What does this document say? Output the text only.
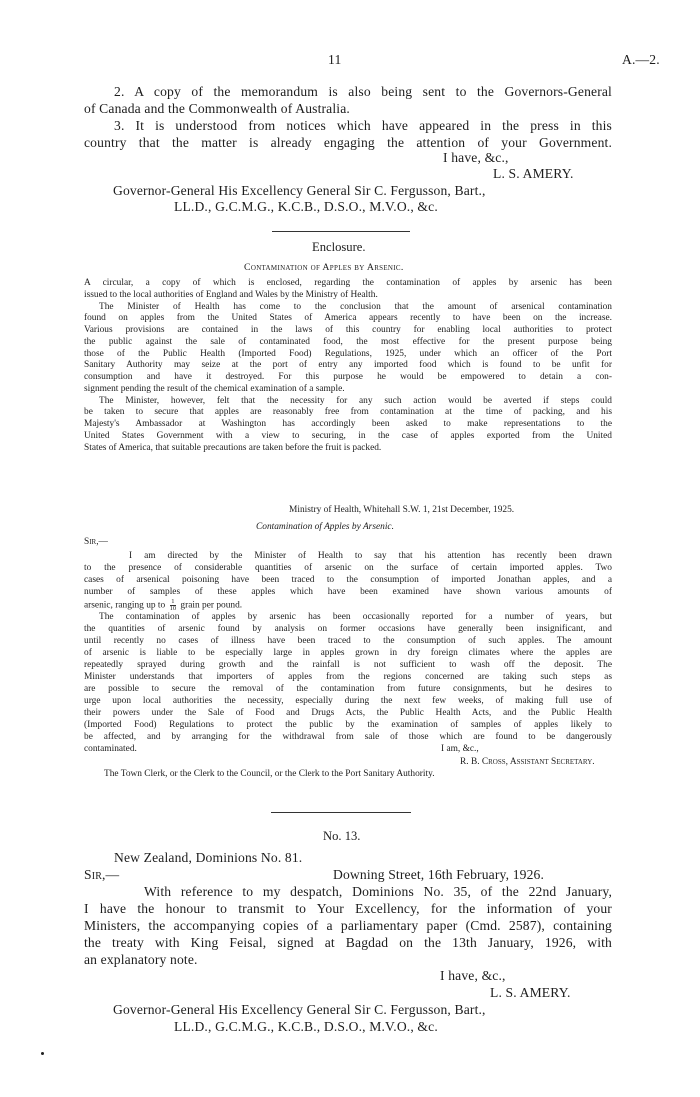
11	A.—2.
2. A copy of the memorandum is also being sent to the Governors-General
of Canada and the Commonwealth of Australia.
3. It is understood from notices which have appeared in the press in this
country that the matter is already engaging the attention of your Government.
I have, &c.,
L. S. AMERY.
Governor-General His Excellency General Sir C. Fergusson, Bart.,
LL.D., G.C.M.G., K.C.B., D.S.O., M.V.O., &c.
Enclosure.
Contamination of Apples by Arsenic.
A circular, a copy of which is enclosed, regarding the contamination of apples by arsenic has been
issued to the local authorities of England and Wales by the Ministry of Health.
The Minister of Health has come to the conclusion that the amount of arsenical contamination
found on apples from the United States of America appears recently to have been on the increase.
Various provisions are contained in the laws of this country for enabling local authorities to protect
the public against the sale of contaminated food, the most effective for the present purpose being
those of the Public Health (Imported Food) Regulations, 1925, under which an officer of the Port
Sanitary Authority may seize at the port of entry any imported food which is found to be unfit for
consumption and have it destroyed. For this purpose he would be empowered to detain a con-
signment pending the result of the chemical examination of a sample.
The Minister, however, felt that the necessity for any such action would be averted if steps could
be taken to secure that apples are reasonably free from contamination at the time of packing, and his
Majesty's Ambassador at Washington has accordingly been asked to make representations to the
United States Government with a view to securing, in the case of apples exported from the United
States of America, that suitable precautions are taken before the fruit is packed.
Ministry of Health, Whitehall S.W. 1, 21st December, 1925.
Contamination of Apples by Arsenic.
Sir,—
I am directed by the Minister of Health to say that his attention has recently been drawn
to the presence of considerable quantities of arsenic on the surface of certain imported apples. Two
cases of arsenical poisoning have been traced to the consumption of imported Jonathan apples, and a
number of samples of these apples which have been examined have shown various amounts of
arsenic, ranging up to $\frac{1}{10}$ grain per pound.
The contamination of apples by arsenic has been occasionally reported for a number of years, but
the quantities of arsenic found by analysis on former occasions have generally been insignificant, and
until recently no cases of illness have been traced to the consumption of such apples. The amount
of arsenic is liable to be especially large in apples grown in dry foreign climates where the apples are
repeatedly sprayed during growth and the rainfall is not sufficient to wash off the deposit. The
Minister understands that importers of apples from the regions concerned are taking such steps as
are possible to secure the removal of the contamination from future consignments, but he desires to
urge upon local authorities the necessity, especially during the next few weeks, of making full use of
their powers under the Sale of Food and Drugs Acts, the Public Health Acts, and the Public Health
(Imported Food) Regulations to protect the public by the examination of samples of apples likely to
be affected, and by arranging for the withdrawal from sale of those which are found to be dangerously
contaminated.	I am, &c.,
R. B. Cross, Assistant Secretary.
The Town Clerk, or the Clerk to the Council, or the Clerk to the Port Sanitary Authority.
No. 13.
New Zealand, Dominions No. 81.
Sir,—	Downing Street, 16th February, 1926.
With reference to my despatch, Dominions No. 35, of the 22nd January,
I have the honour to transmit to Your Excellency, for the information of your
Ministers, the accompanying copies of a parliamentary paper (Cmd. 2587), containing
the treaty with King Feisal, signed at Bagdad on the 13th January, 1926, with
an explanatory note.
I have, &c.,
L. S. AMERY.
Governor-General His Excellency General Sir C. Fergusson, Bart.,
LL.D., G.C.M.G., K.C.B., D.S.O., M.V.O., &c.
